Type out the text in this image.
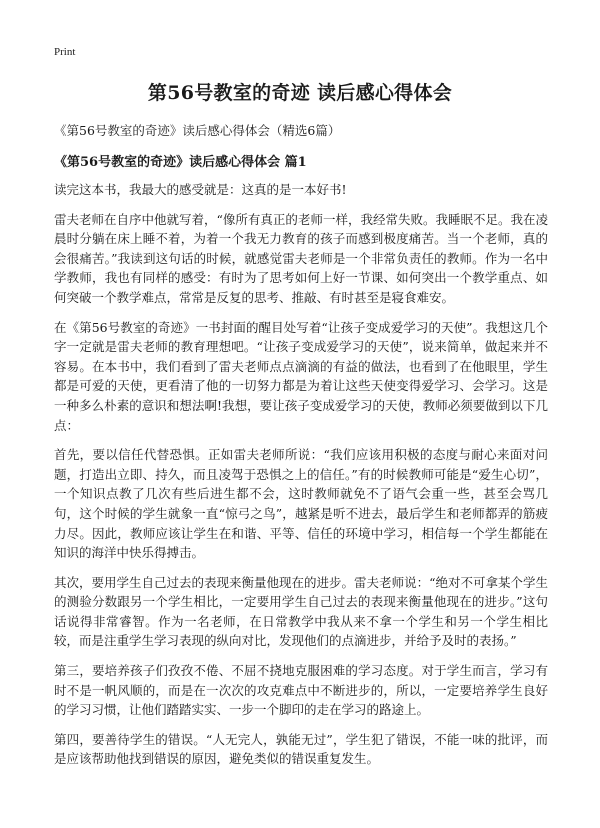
Print
第56号教室的奇迹 读后感心得体会

《第56号教室的奇迹》读后感心得体会（精选6篇）

《第56号教室的奇迹》读后感心得体会 篇1

读完这本书，我最大的感受就是：这真的是一本好书!

雷夫老师在自序中他就写着，“像所有真正的老师一样，我经常失败。我睡眠不足。我在凌晨时分躺在床上睡不着，为着一个我无力教育的孩子而感到极度痛苦。当一个老师，真的会很痛苦。”我读到这句话的时候，就感觉雷夫老师是一个非常负责任的教师。作为一名中学教师，我也有同样的感受：有时为了思考如何上好一节课、如何突出一个教学重点、如何突破一个教学难点，常常是反复的思考、推敲、有时甚至是寝食难安。

在《第56号教室的奇迹》一书封面的醒目处写着“让孩子变成爱学习的天使”。我想这几个字一定就是雷夫老师的教育理想吧。“让孩子变成爱学习的天使”，说来简单，做起来并不容易。在本书中，我们看到了雷夫老师点点滴滴的有益的做法，也看到了在他眼里，学生都是可爱的天使，更看清了他的一切努力都是为着让这些天使变得爱学习、会学习。这是一种多么朴素的意识和想法啊!我想，要让孩子变成爱学习的天使，教师必须要做到以下几点：

首先，要以信任代替恐惧。正如雷夫老师所说：“我们应该用积极的态度与耐心来面对问题，打造出立即、持久，而且凌驾于恐惧之上的信任。”有的时候教师可能是“爱生心切”，一个知识点教了几次有些后进生都不会，这时教师就免不了语气会重一些，甚至会骂几句，这个时候的学生就象一直“惊弓之鸟”，越紧是听不进去，最后学生和老师都弄的筋疲力尽。因此，教师应该让学生在和谐、平等、信任的环境中学习，相信每一个学生都能在知识的海洋中快乐得搏击。

其次，要用学生自己过去的表现来衡量他现在的进步。雷夫老师说：“绝对不可拿某个学生的测验分数跟另一个学生相比，一定要用学生自己过去的表现来衡量他现在的进步。”这句话说得非常睿智。作为一名老师，在日常教学中我从来不拿一个学生和另一个学生相比较，而是注重学生学习表现的纵向对比，发现他们的点滴进步，并给予及时的表扬。”

第三，要培养孩子们孜孜不倦、不屈不挠地克服困难的学习态度。对于学生而言，学习有时不是一帆风顺的，而是在一次次的攻克难点中不断进步的，所以，一定要培养学生良好的学习习惯，让他们踏踏实实、一步一个脚印的走在学习的路途上。

第四，要善待学生的错误。“人无完人，孰能无过”，学生犯了错误，不能一味的批评，而是应该帮助他找到错误的原因，避免类似的错误重复发生。
